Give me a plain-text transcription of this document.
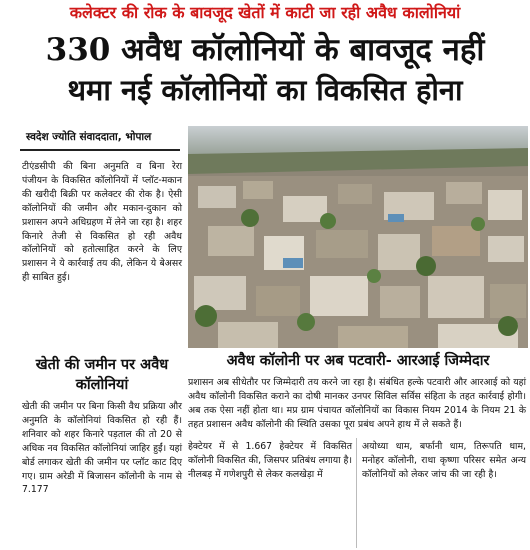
कलेक्टर की रोक के बावजूद खेतों में काटी जा रही अवैध कालोनियां
330 अवैध कॉलोनियों के बावजूद नहीं
थमा नई कॉलोनियों का विकसित होना
स्वदेश ज्योति संवाददाता, भोपाल
अवैध कॉलोनी पर अब पटवारी- आरआई जिम्मेदार

टीएंडसीपी की बिना अनुमति व बिना रेरा पंजीयन के विकसित कॉलोनियों में प्लॉट-मकान की खरीदी बिक्री पर कलेक्टर की रोक है। ऐसी कॉलोनियों की जमीन और मकान-दुकान को प्रशासन अपने अधिग्रहण में लेने जा रहा है। शहर किनारे तेजी से विकसित हो रही अवैध कॉलोनियों को हतोत्साहित करने के लिए प्रशासन ने ये कार्रवाई तय की, लेकिन ये बेअसर ही साबित हुई।

खेती की जमीन पर अवैध कॉलोनियां

खेती की जमीन पर बिना किसी वैध प्रक्रिया और अनुमति के कॉलोनियां विकसित हो रही हैं। शनिवार को शहर किनारे पड़ताल की तो 20 से अधिक नव विकसित कॉलोनियां जाहिर हुईं। यहां बोर्ड लगाकर खेती की जमीन पर प्लॉट काट दिए गए। ग्राम अरेडी में बिजासन कॉलोनी के नाम से 7.177

प्रशासन अब सीधेतौर पर जिम्मेदारी तय करने जा रहा है। संबंधित हल्के पटवारी और आरआई को यहां अवैध कॉलोनी विकसित कराने का दोषी मानकर उनपर सिविल सर्विस संहिता के तहत कार्रवाई होगी। अब तक ऐसा नहीं होता था। मप्र ग्राम पंचायत कॉलोनियों का विकास नियम 2014 के नियम 21 के तहत प्रशासन अवैध कॉलोनी की स्थिति उसका पूरा प्रबंध अपने हाथ में ले सकते हैं।

हेक्टेयर में से 1.667 हेक्टेयर में विकसित कॉलोनी विकसित की, जिसपर प्रतिबंध लगाया है। नीलबड़ में गणेशपुरी से लेकर कलखेड़ा में

अयोध्या धाम, बर्फानी धाम, तिरूपति धाम, मनोहर कॉलोनी, राधा कृष्णा परिसर समेत अन्य कॉलोनियों को लेकर जांच की जा रही है।
